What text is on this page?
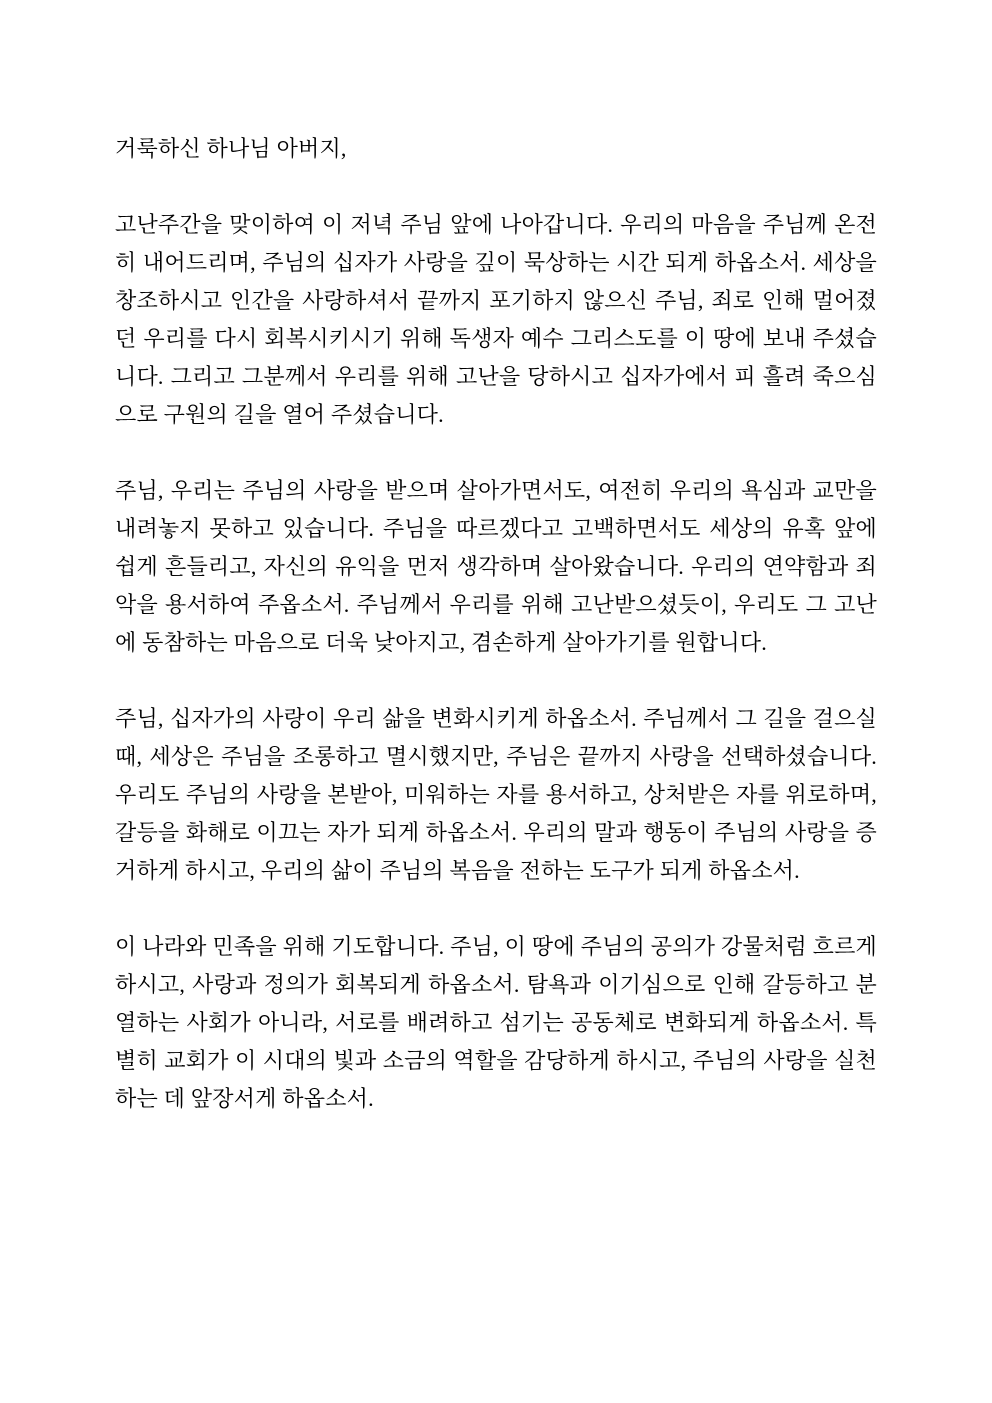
거룩하신 하나님 아버지,

고난주간을 맞이하여 이 저녁 주님 앞에 나아갑니다. 우리의 마음을 주님께 온전히 내어드리며, 주님의 십자가 사랑을 깊이 묵상하는 시간 되게 하옵소서. 세상을 창조하시고 인간을 사랑하셔서 끝까지 포기하지 않으신 주님, 죄로 인해 멀어졌던 우리를 다시 회복시키시기 위해 독생자 예수 그리스도를 이 땅에 보내 주셨습니다. 그리고 그분께서 우리를 위해 고난을 당하시고 십자가에서 피 흘려 죽으심으로 구원의 길을 열어 주셨습니다.

주님, 우리는 주님의 사랑을 받으며 살아가면서도, 여전히 우리의 욕심과 교만을 내려놓지 못하고 있습니다. 주님을 따르겠다고 고백하면서도 세상의 유혹 앞에 쉽게 흔들리고, 자신의 유익을 먼저 생각하며 살아왔습니다. 우리의 연약함과 죄악을 용서하여 주옵소서. 주님께서 우리를 위해 고난받으셨듯이, 우리도 그 고난에 동참하는 마음으로 더욱 낮아지고, 겸손하게 살아가기를 원합니다.

주님, 십자가의 사랑이 우리 삶을 변화시키게 하옵소서. 주님께서 그 길을 걸으실 때, 세상은 주님을 조롱하고 멸시했지만, 주님은 끝까지 사랑을 선택하셨습니다. 우리도 주님의 사랑을 본받아, 미워하는 자를 용서하고, 상처받은 자를 위로하며, 갈등을 화해로 이끄는 자가 되게 하옵소서. 우리의 말과 행동이 주님의 사랑을 증거하게 하시고, 우리의 삶이 주님의 복음을 전하는 도구가 되게 하옵소서.

이 나라와 민족을 위해 기도합니다. 주님, 이 땅에 주님의 공의가 강물처럼 흐르게 하시고, 사랑과 정의가 회복되게 하옵소서. 탐욕과 이기심으로 인해 갈등하고 분열하는 사회가 아니라, 서로를 배려하고 섬기는 공동체로 변화되게 하옵소서. 특별히 교회가 이 시대의 빛과 소금의 역할을 감당하게 하시고, 주님의 사랑을 실천하는 데 앞장서게 하옵소서.
